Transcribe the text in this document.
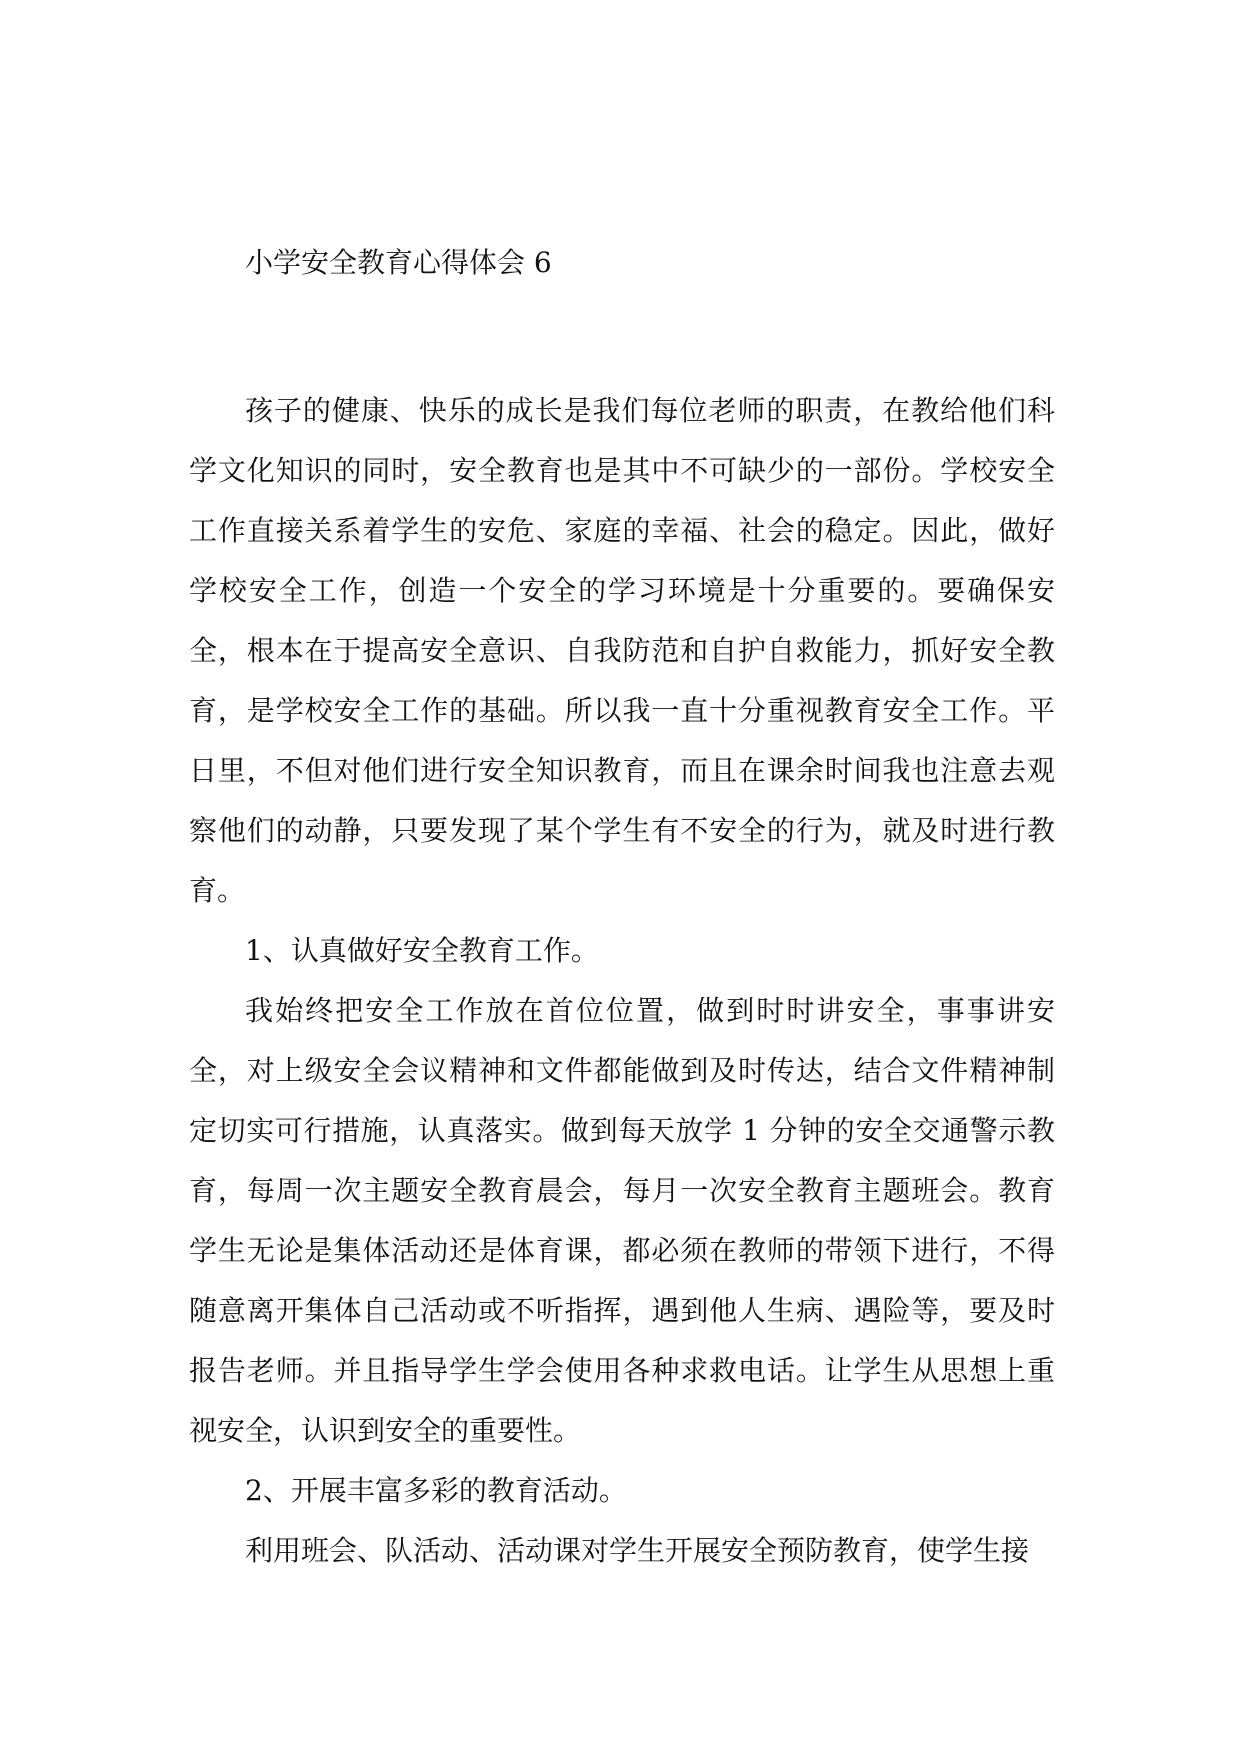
小学安全教育心得体会 6

孩子的健康、快乐的成长是我们每位老师的职责，在教给他们科学文化知识的同时，安全教育也是其中不可缺少的一部份。学校安全工作直接关系着学生的安危、家庭的幸福、社会的稳定。因此，做好学校安全工作，创造一个安全的学习环境是十分重要的。要确保安全，根本在于提高安全意识、自我防范和自护自救能力，抓好安全教育，是学校安全工作的基础。所以我一直十分重视教育安全工作。平日里，不但对他们进行安全知识教育，而且在课余时间我也注意去观察他们的动静，只要发现了某个学生有不安全的行为，就及时进行教育。

1、认真做好安全教育工作。

我始终把安全工作放在首位位置，做到时时讲安全，事事讲安全，对上级安全会议精神和文件都能做到及时传达，结合文件精神制定切实可行措施，认真落实。做到每天放学 1 分钟的安全交通警示教育，每周一次主题安全教育晨会，每月一次安全教育主题班会。教育学生无论是集体活动还是体育课，都必须在教师的带领下进行，不得随意离开集体自己活动或不听指挥，遇到他人生病、遇险等，要及时报告老师。并且指导学生学会使用各种求救电话。让学生从思想上重视安全，认识到安全的重要性。

2、开展丰富多彩的教育活动。

利用班会、队活动、活动课对学生开展安全预防教育，使学生接
